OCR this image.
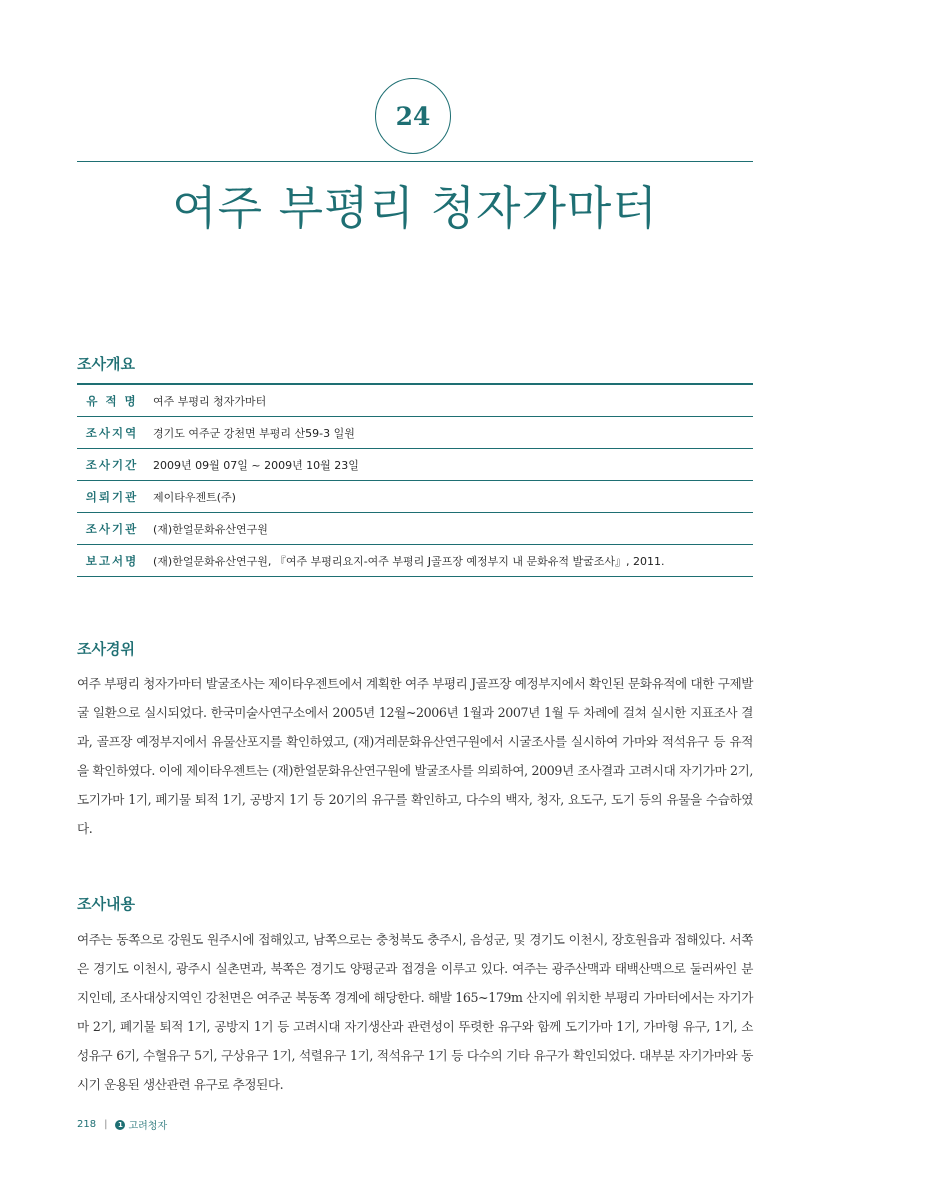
24
여주 부평리 청자가마터
조사개요
유 적 명	여주 부평리 청자가마터
조사지역	경기도 여주군 강천면 부평리 산59-3 일원
조사기간	2009년 09월 07일 ~ 2009년 10월 23일
의뢰기관	제이타우젠트(주)
조사기관	(재)한얼문화유산연구원
보고서명	(재)한얼문화유산연구원, 『여주 부평리요지-여주 부평리 J골프장 예정부지 내 문화유적 발굴조사』, 2011.
조사경위

여주 부평리 청자가마터 발굴조사는 제이타우젠트에서 계획한 여주 부평리 J골프장 예정부지에서 확인된 문화유적에 대한 구제발굴 일환으로 실시되었다. 한국미술사연구소에서 2005년 12월~2006년 1월과 2007년 1월 두 차례에 걸쳐 실시한 지표조사 결과, 골프장 예정부지에서 유물산포지를 확인하였고, (재)겨레문화유산연구원에서 시굴조사를 실시하여 가마와 적석유구 등 유적을 확인하였다. 이에 제이타우젠트는 (재)한얼문화유산연구원에 발굴조사를 의뢰하여, 2009년 조사결과 고려시대 자기가마 2기, 도기가마 1기, 폐기물 퇴적 1기, 공방지 1기 등 20기의 유구를 확인하고, 다수의 백자, 청자, 요도구, 도기 등의 유물을 수습하였다.

조사내용

여주는 동쪽으로 강원도 원주시에 접해있고, 남쪽으로는 충청북도 충주시, 음성군, 및 경기도 이천시, 장호원읍과 접해있다. 서쪽은 경기도 이천시, 광주시 실촌면과, 북쪽은 경기도 양평군과 접경을 이루고 있다. 여주는 광주산맥과 태백산맥으로 둘러싸인 분지인데, 조사대상지역인 강천면은 여주군 북동쪽 경계에 해당한다. 해발 165~179m 산지에 위치한 부평리 가마터에서는 자기가마 2기, 폐기물 퇴적 1기, 공방지 1기 등 고려시대 자기생산과 관련성이 뚜렷한 유구와 함께 도기가마 1기, 가마형 유구, 1기, 소성유구 6기, 수혈유구 5기, 구상유구 1기, 석렬유구 1기, 적석유구 1기 등 다수의 기타 유구가 확인되었다. 대부분 자기가마와 동시기 운용된 생산관련 유구로 추정된다.

218 |	1 고려청자
